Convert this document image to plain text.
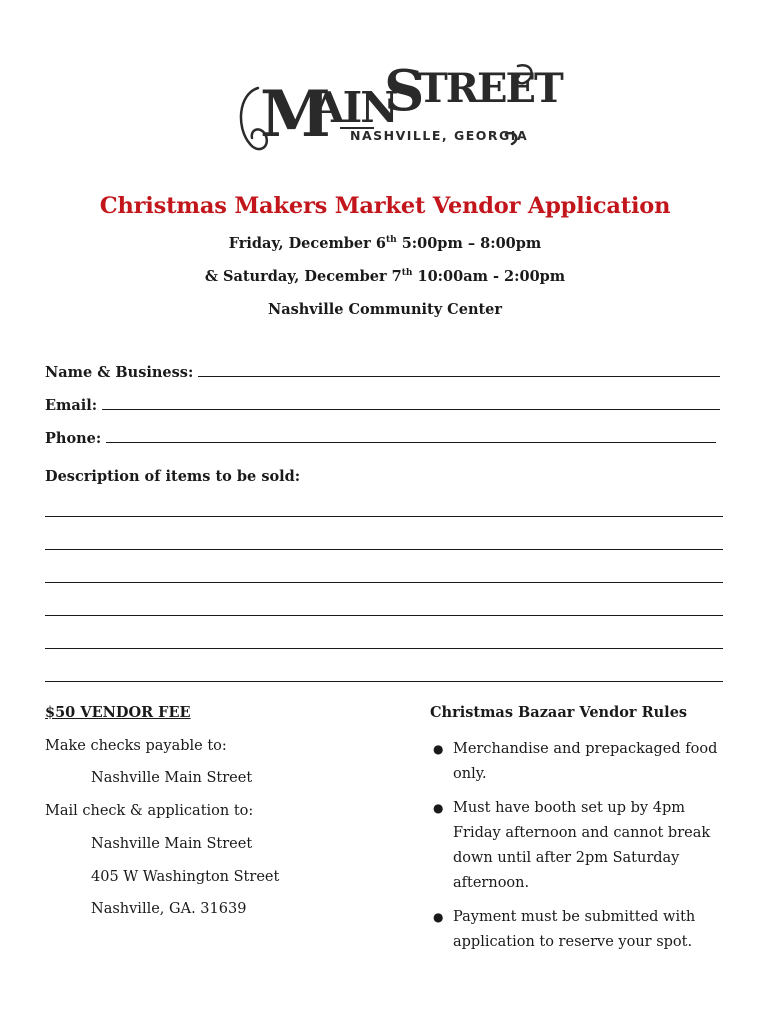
M
AIN
S
TREET
NASHVILLE, GEORGIA
Christmas Makers Market Vendor Application
Friday, December 6th 5:00pm – 8:00pm
& Saturday, December 7th 10:00am - 2:00pm
Nashville Community Center
Name & Business:
Email:
Phone:
Description of items to be sold:
$50 VENDOR FEE
Make checks payable to:
Nashville Main Street
Mail check & application to:
Nashville Main Street
405 W Washington Street
Nashville, GA. 31639
Christmas Bazaar Vendor Rules
● Merchandise and prepackaged food only.
● Must have booth set up by 4pm Friday afternoon and cannot break down until after 2pm Saturday afternoon.
● Payment must be submitted with application to reserve your spot.
